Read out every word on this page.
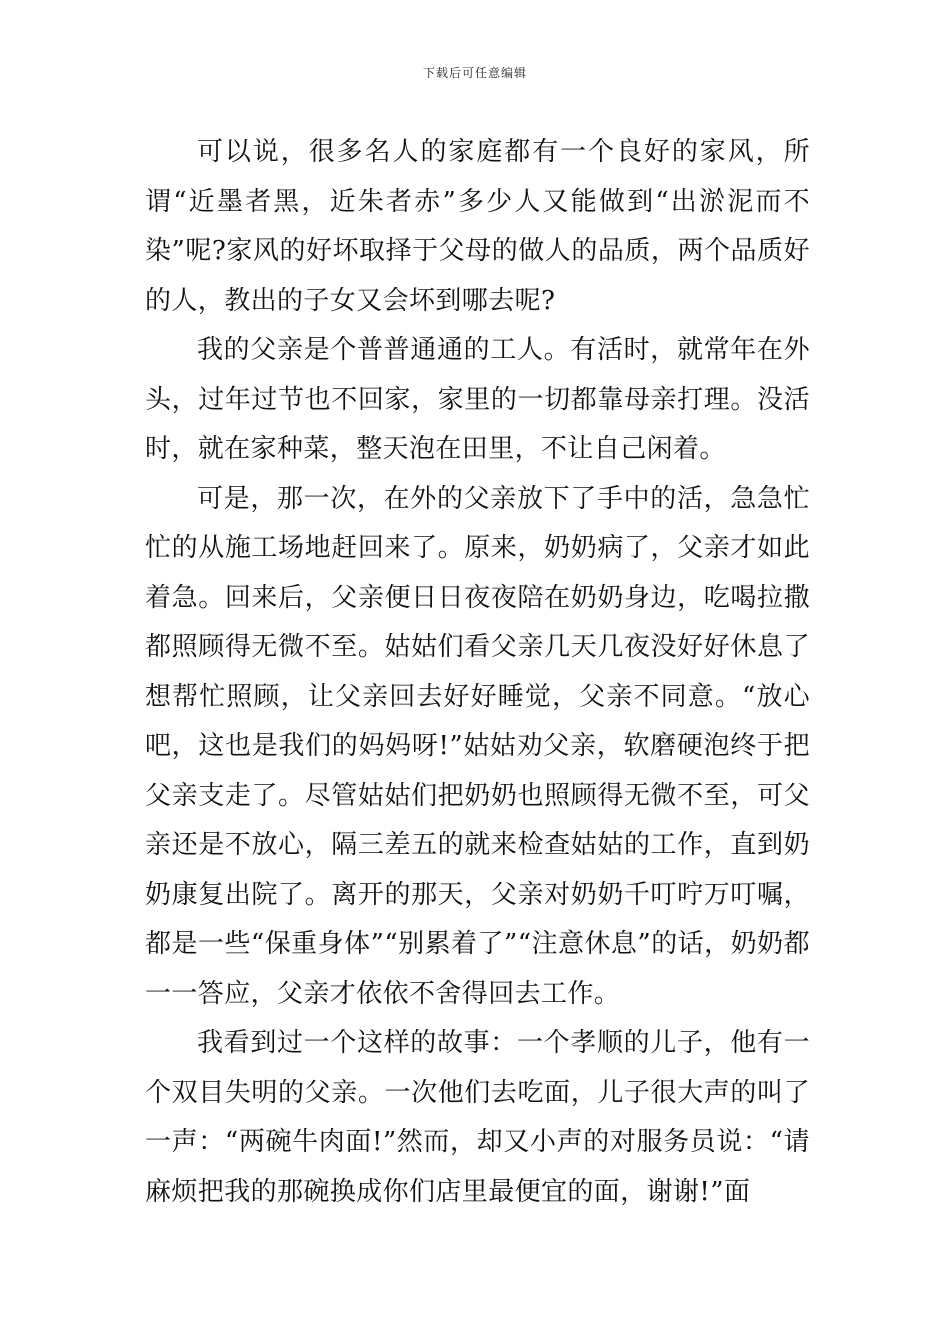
下载后可任意编辑

可以说，很多名人的家庭都有一个良好的家风，所谓“近墨者黑，近朱者赤”多少人又能做到“出淤泥而不染”呢?家风的好坏取择于父母的做人的品质，两个品质好的人，教出的子女又会坏到哪去呢?

我的父亲是个普普通通的工人。有活时，就常年在外头，过年过节也不回家，家里的一切都靠母亲打理。没活时，就在家种菜，整天泡在田里，不让自己闲着。

可是，那一次，在外的父亲放下了手中的活，急急忙忙的从施工场地赶回来了。原来，奶奶病了，父亲才如此着急。回来后，父亲便日日夜夜陪在奶奶身边，吃喝拉撒都照顾得无微不至。姑姑们看父亲几天几夜没好好休息了想帮忙照顾，让父亲回去好好睡觉，父亲不同意。“放心吧，这也是我们的妈妈呀!”姑姑劝父亲，软磨硬泡终于把父亲支走了。尽管姑姑们把奶奶也照顾得无微不至，可父亲还是不放心，隔三差五的就来检查姑姑的工作，直到奶奶康复出院了。离开的那天，父亲对奶奶千叮咛万叮嘱，都是一些“保重身体”“别累着了”“注意休息”的话，奶奶都一一答应，父亲才依依不舍得回去工作。

我看到过一个这样的故事：一个孝顺的儿子，他有一个双目失明的父亲。一次他们去吃面，儿子很大声的叫了一声：“两碗牛肉面!”然而，却又小声的对服务员说：“请麻烦把我的那碗换成你们店里最便宜的面，谢谢!”面
